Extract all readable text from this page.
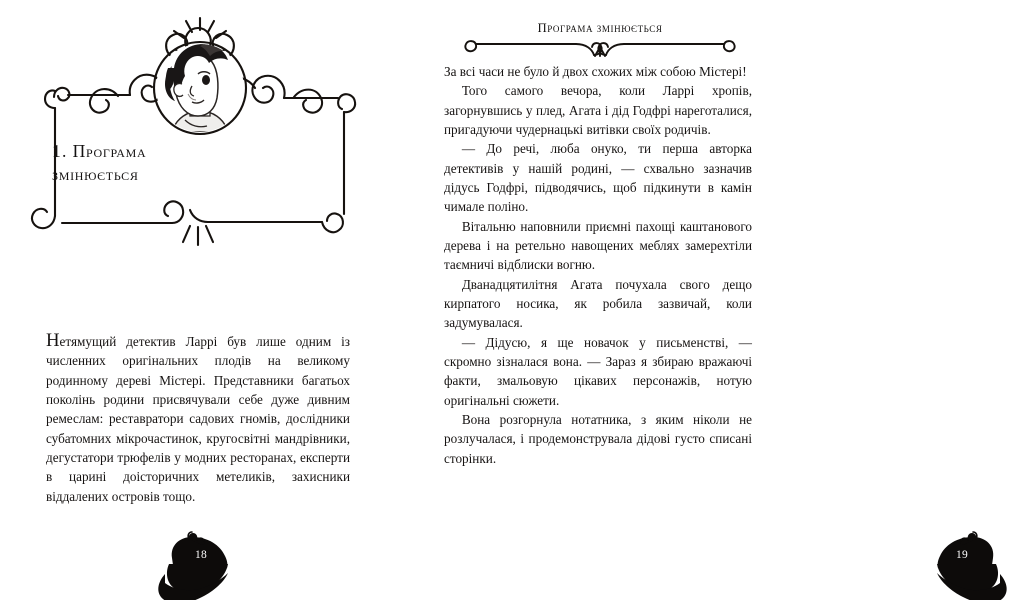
1. Програма
змінюється

Нетямущий детектив Ларрі був лише одним із численних оригінальних плодів на великому родинному дереві Містері. Представники багатьох поколінь родини присвячували себе дуже дивним ремеслам: реставратори садових гномів, дослідники субатомних мікрочастинок, кругосвітні мандрівники, дегустатори трюфелів у модних ресторанах, експерти в царині доісторичних метеликів, захисники віддалених островів тощо.

18
Програма змінюється

За всі часи не було й двох схожих між собою Містері!

Того самого вечора, коли Ларрі хропів, загорнувшись у плед, Агата і дід Годфрі нареготалися, пригадуючи чудернацькі витівки своїх родичів.

— До речі, люба онуко, ти перша авторка детективів у нашій родині, — схвально зазначив дідусь Годфрі, підводячись, щоб підкинути в камін чимале поліно.

Вітальню наповнили приємні пахощі каштанового дерева і на ретельно навощених меблях замерехтіли таємничі відблиски вогню.

Дванадцятилітня Агата почухала свого дещо кирпатого носика, як робила зазвичай, коли задумувалася.

— Дідусю, я ще новачок у письменстві, — скромно зізналася вона. — Зараз я збираю вражаючі факти, змальовую цікавих персонажів, нотую оригінальні сюжети.

Вона розгорнула нотатника, з яким ніколи не розлучалася, і продемонструвала дідові густо списані сторінки.

19
